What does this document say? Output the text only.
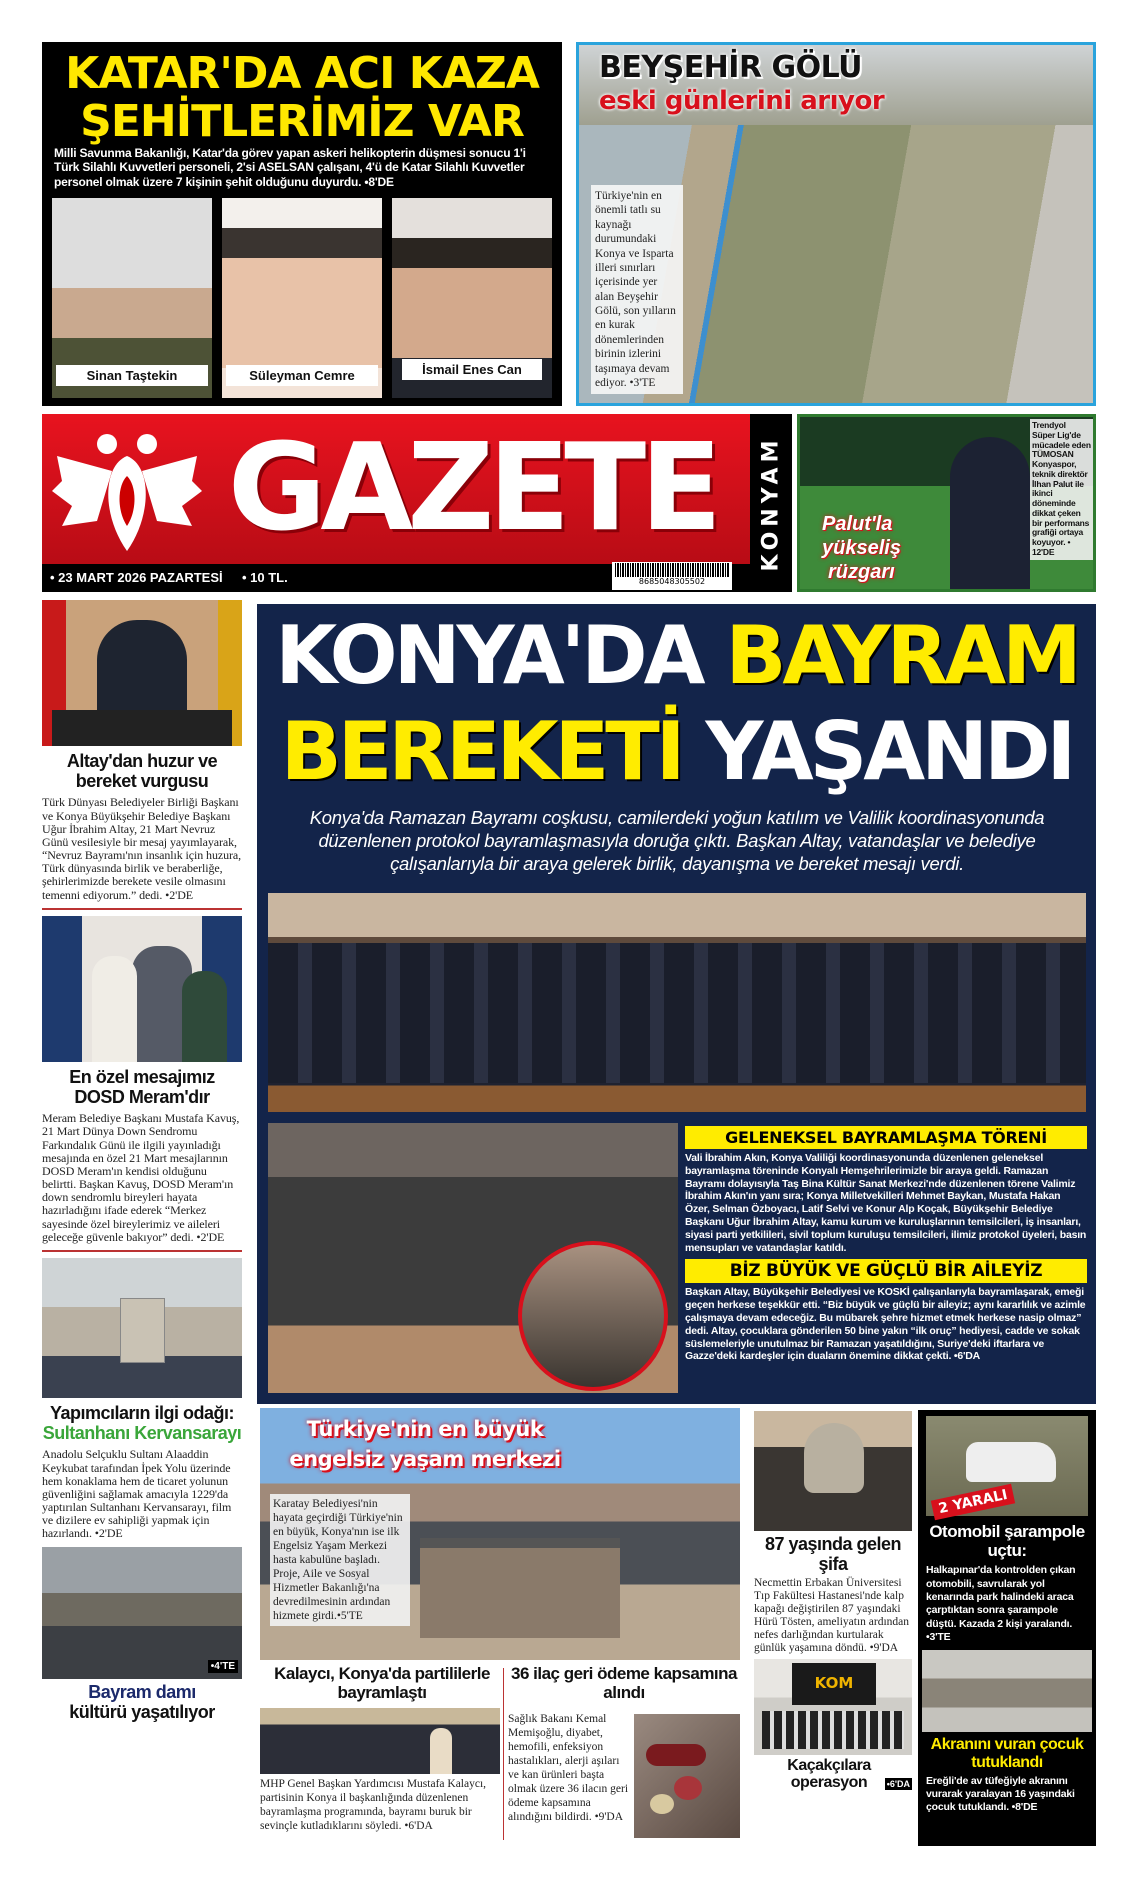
KATAR'DA ACI KAZA
ŞEHİTLERİMİZ VAR
Milli Savunma Bakanlığı, Katar'da görev yapan askeri helikopterin düşmesi sonucu 1'i Türk Silahlı Kuvvetleri personeli, 2'si ASELSAN çalışanı, 4'ü de Katar Silahlı Kuvvetler personel olmak üzere 7 kişinin şehit olduğunu duyurdu. •8'DE
Sinan Taştekin	Süleyman Cemre	İsmail Enes Can
BEYŞEHİR GÖLÜ
eski günlerini arıyor
Türkiye'nin en önemli tatlı su kaynağı durumundaki Konya ve Isparta illeri sınırları içerisinde yer alan Beyşehir Gölü, son yılların en kurak dönemlerinden birinin izlerini taşımaya devam ediyor. •3'TE
GAZETE	KONYAM
• 23 MART 2026 PAZARTESİ • 10 TL.	8685048305502
Palut'la
yükseliş
rüzgarı
Trendyol Süper Lig'de mücadele eden TÜMOSAN Konyaspor, teknik direktör İlhan Palut ile ikinci döneminde dikkat çeken bir performans grafiği ortaya koyuyor. • 12'DE
Altay'dan huzur ve bereket vurgusu
Türk Dünyası Belediyeler Birliği Başkanı ve Konya Büyükşehir Belediye Başkanı Uğur İbrahim Altay, 21 Mart Nevruz Günü vesilesiyle bir mesaj yayımlayarak, “Nevruz Bayramı'nın insanlık için huzura, Türk dünyasında birlik ve beraberliğe, şehirlerimizde berekete vesile olmasını temenni ediyorum.” dedi. •2'DE
En özel mesajımız DOSD Meram'dır
Meram Belediye Başkanı Mustafa Kavuş, 21 Mart Dünya Down Sendromu Farkındalık Günü ile ilgili yayınladığı mesajında en özel 21 Mart mesajlarının DOSD Meram'ın kendisi olduğunu belirtti. Başkan Kavuş, DOSD Meram'ın down sendromlu bireyleri hayata hazırladığını ifade ederek “Merkez sayesinde özel bireylerimiz ve aileleri geleceğe güvenle bakıyor” dedi. •2'DE
Yapımcıların ilgi odağı: Sultanhanı Kervansarayı
Anadolu Selçuklu Sultanı Alaaddin Keykubat tarafından İpek Yolu üzerinde hem konaklama hem de ticaret yolunun güvenliğini sağlamak amacıyla 1229'da yaptırılan Sultanhanı Kervansarayı, film ve dizilere ev sahipliği yapmak için hazırlandı. •2'DE
•4'TE
Bayram damı
kültürü yaşatılıyor
KONYA'DA BAYRAM
BEREKETİ YAŞANDI
Konya'da Ramazan Bayramı coşkusu, camilerdeki yoğun katılım ve Valilik koordinasyonunda düzenlenen protokol bayramlaşmasıyla doruğa çıktı. Başkan Altay, vatandaşlar ve belediye çalışanlarıyla bir araya gelerek birlik, dayanışma ve bereket mesajı verdi.
GELENEKSEL BAYRAMLAŞMA TÖRENİ
Vali İbrahim Akın, Konya Valiliği koordinasyonunda düzenlenen geleneksel bayramlaşma töreninde Konyalı Hemşehrilerimizle bir araya geldi. Ramazan Bayramı dolayısıyla Taş Bina Kültür Sanat Merkezi'nde düzenlenen törene Valimiz İbrahim Akın'ın yanı sıra; Konya Milletvekilleri Mehmet Baykan, Mustafa Hakan Özer, Selman Özboyacı, Latif Selvi ve Konur Alp Koçak, Büyükşehir Belediye Başkanı Uğur İbrahim Altay, kamu kurum ve kuruluşlarının temsilcileri, iş insanları, siyasi parti yetkilileri, sivil toplum kuruluşu temsilcileri, ilimiz protokol üyeleri, basın mensupları ve vatandaşlar katıldı.
BİZ BÜYÜK VE GÜÇLÜ BİR AİLEYİZ
Başkan Altay, Büyükşehir Belediyesi ve KOSKİ çalışanlarıyla bayramlaşarak, emeği geçen herkese teşekkür etti. “Biz büyük ve güçlü bir aileyiz; aynı kararlılık ve azimle çalışmaya devam edeceğiz. Bu mübarek şehre hizmet etmek herkese nasip olmaz” dedi. Altay, çocuklara gönderilen 50 bine yakın “ilk oruç” hediyesi, cadde ve sokak süslemeleriyle unutulmaz bir Ramazan yaşatıldığını, Suriye'deki iftarlara ve Gazze'deki kardeşler için duaların önemine dikkat çekti. •6'DA
Türkiye'nin en büyük
engelsiz yaşam merkezi
Karatay Belediyesi'nin hayata geçirdiği Türkiye'nin en büyük, Konya'nın ise ilk Engelsiz Yaşam Merkezi hasta kabulüne başladı. Proje, Aile ve Sosyal Hizmetler Bakanlığı'na devredilmesinin ardından hizmete girdi.•5'TE
Kalaycı, Konya'da partililerle bayramlaştı
MHP Genel Başkan Yardımcısı Mustafa Kalaycı, partisinin Konya il başkanlığında düzenlenen bayramlaşma programında, bayramı buruk bir sevinçle kutladıklarını söyledi. •6'DA
36 ilaç geri ödeme kapsamına alındı
Sağlık Bakanı Kemal Memişoğlu, diyabet, hemofili, enfeksiyon hastalıkları, alerji aşıları ve kan ürünleri başta olmak üzere 36 ilacın geri ödeme kapsamına alındığını bildirdi. •9'DA
87 yaşında gelen şifa
Necmettin Erbakan Üniversitesi Tıp Fakültesi Hastanesi'nde kalp kapağı değiştirilen 87 yaşındaki Hürü Tösten, ameliyatın ardından nefes darlığından kurtularak günlük yaşamına döndü. •9'DA
KOM
Kaçakçılara operasyon	•6'DA
2 YARALI
Otomobil şarampole uçtu:
Halkapınar'da kontrolden çıkan otomobili, savrularak yol kenarında park halindeki araca çarptıktan sonra şarampole düştü. Kazada 2 kişi yaralandı. •3'TE
Akranını vuran çocuk tutuklandı
Ereğli'de av tüfeğiyle akranını vurarak yaralayan 16 yaşındaki çocuk tutuklandı. •8'DE
